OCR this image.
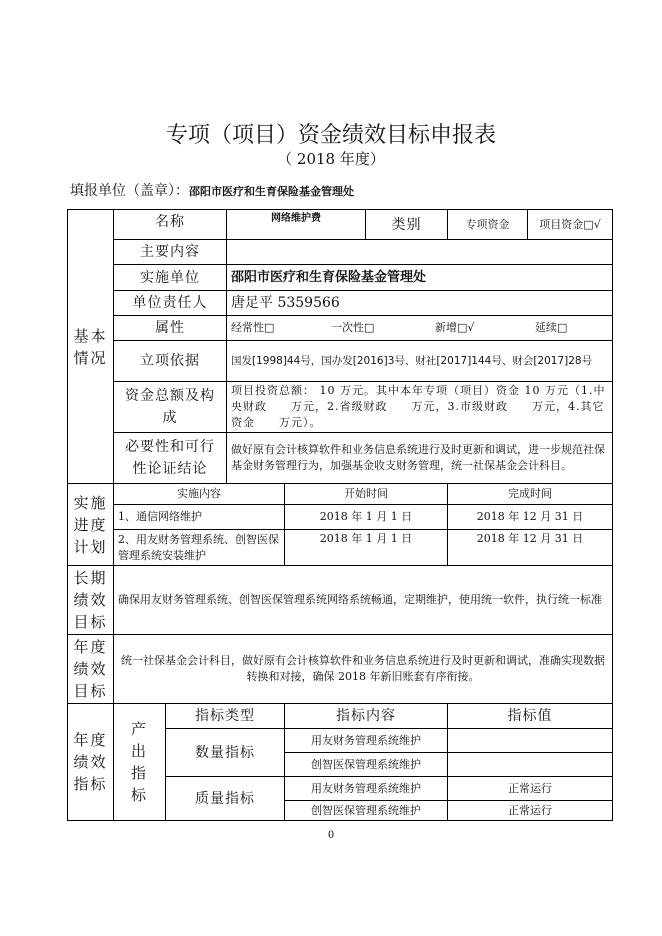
专项（项目）资金绩效目标申报表
（ 2018 年度）
填报单位（盖章）：邵阳市医疗和生育保险基金管理处
基本情况	名称		网络维护费		类别	专项资金	项目资金□√
	主要内容						
	实施单位		邵阳市医疗和生育保险基金管理处				
	单位责任人		唐足平 5359566				
	属性		经常性□ 一次性□ 新增□√ 延续□				
	立项依据		国发[1998]44号，国办发[2016]3号、财社[2017]144号、财会[2017]28号				
	资金总额及构成		项目投资总额： 10 万元。其中本年专项（项目）资金 10 万元（1.中央财政　　万元，2.省级财政　　万元，3.市级财政　　万元，4.其它资金　　万元）。				
	必要性和可行性论证结论		做好原有会计核算软件和业务信息系统进行及时更新和调试，进一步规范社保基金财务管理行为，加强基金收支财务管理，统一社保基金会计科目。				
实施进度计划	实施内容			开始时间		完成时间	
	1、通信网络维护			2018 年 1 月 1 日		2018 年 12 月 31 日	
	2、用友财务管理系统、创智医保管理系统安装维护			2018 年 1 月 1 日		2018 年 12 月 31 日	
长期绩效目标	确保用友财务管理系统、创智医保管理系统网络系统畅通，定期维护，使用统一软件，执行统一标准						
年度绩效目标	统一社保基金会计科目，做好原有会计核算软件和业务信息系统进行及时更新和调试，准确实现数据转换和对接，确保 2018 年新旧账套有序衔接。						
年度绩效指标	产出指标	指标类型		指标内容		指标值	
		数量指标		用友财务管理系统维护			
				创智医保管理系统维护			
		质量指标		用友财务管理系统维护		正常运行	
				创智医保管理系统维护		正常运行	
0
